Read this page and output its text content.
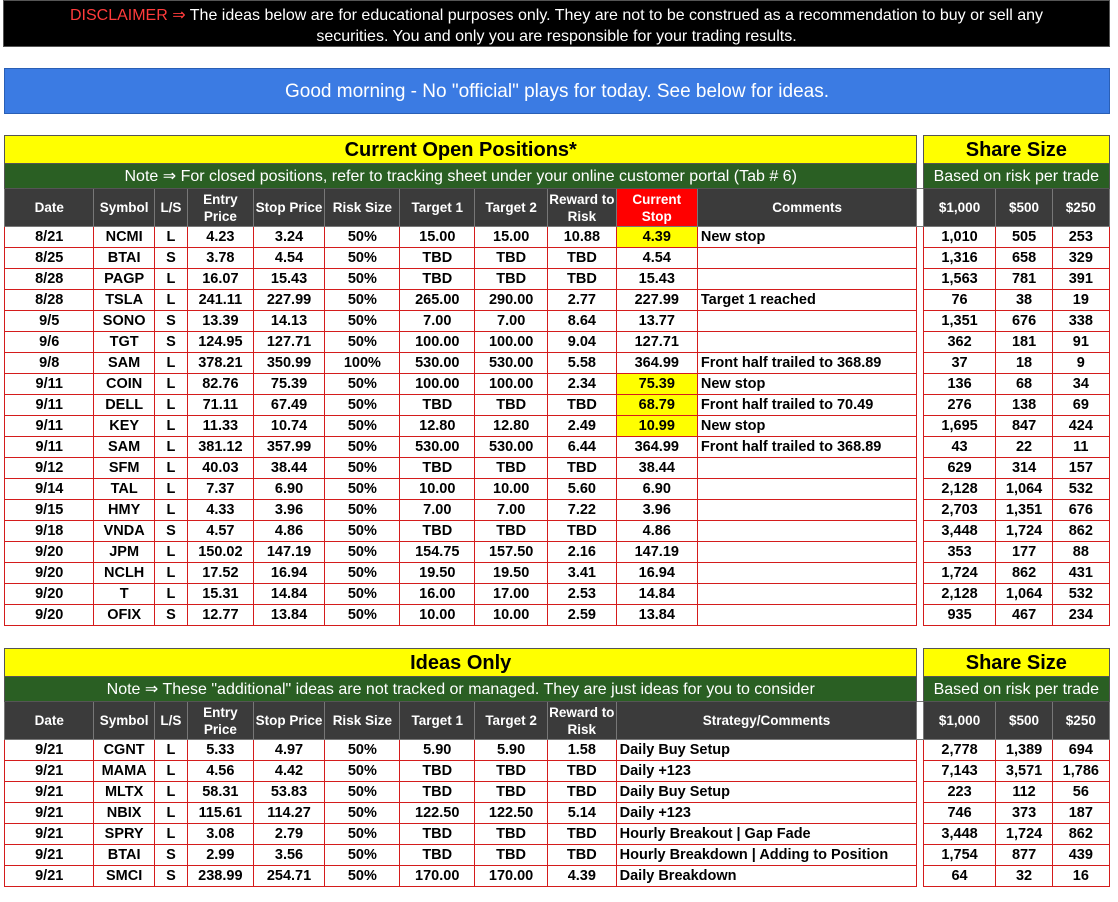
DISCLAIMER ⇒ The ideas below are for educational purposes only. They are not to be construed as a recommendation to buy or sell any
securities. You and only you are responsible for your trading results.
Good morning - No "official" plays for today. See below for ideas.
Current Open Positions*												Share Size		
Note ⇒ For closed positions, refer to tracking sheet under your online customer portal (Tab # 6)												Based on risk per trade		
Date	Symbol	L/S	Entry Price	Stop Price	Risk Size	Target 1	Target 2	Reward to Risk	Current Stop	Comments		$1,000	$500	$250
8/21	NCMI	L	4.23	3.24	50%	15.00	15.00	10.88	4.39	New stop		1,010	505	253
8/25	BTAI	S	3.78	4.54	50%	TBD	TBD	TBD	4.54			1,316	658	329
8/28	PAGP	L	16.07	15.43	50%	TBD	TBD	TBD	15.43			1,563	781	391
8/28	TSLA	L	241.11	227.99	50%	265.00	290.00	2.77	227.99	Target 1 reached		76	38	19
9/5	SONO	S	13.39	14.13	50%	7.00	7.00	8.64	13.77			1,351	676	338
9/6	TGT	S	124.95	127.71	50%	100.00	100.00	9.04	127.71			362	181	91
9/8	SAM	L	378.21	350.99	100%	530.00	530.00	5.58	364.99	Front half trailed to 368.89		37	18	9
9/11	COIN	L	82.76	75.39	50%	100.00	100.00	2.34	75.39	New stop		136	68	34
9/11	DELL	L	71.11	67.49	50%	TBD	TBD	TBD	68.79	Front half trailed to 70.49		276	138	69
9/11	KEY	L	11.33	10.74	50%	12.80	12.80	2.49	10.99	New stop		1,695	847	424
9/11	SAM	L	381.12	357.99	50%	530.00	530.00	6.44	364.99	Front half trailed to 368.89		43	22	11
9/12	SFM	L	40.03	38.44	50%	TBD	TBD	TBD	38.44			629	314	157
9/14	TAL	L	7.37	6.90	50%	10.00	10.00	5.60	6.90			2,128	1,064	532
9/15	HMY	L	4.33	3.96	50%	7.00	7.00	7.22	3.96			2,703	1,351	676
9/18	VNDA	S	4.57	4.86	50%	TBD	TBD	TBD	4.86			3,448	1,724	862
9/20	JPM	L	150.02	147.19	50%	154.75	157.50	2.16	147.19			353	177	88
9/20	NCLH	L	17.52	16.94	50%	19.50	19.50	3.41	16.94			1,724	862	431
9/20	T	L	15.31	14.84	50%	16.00	17.00	2.53	14.84			2,128	1,064	532
9/20	OFIX	S	12.77	13.84	50%	10.00	10.00	2.59	13.84			935	467	234
Ideas Only											Share Size		
Note ⇒ These "additional" ideas are not tracked or managed. They are just ideas for you to consider											Based on risk per trade		
Date	Symbol	L/S	Entry Price	Stop Price	Risk Size	Target 1	Target 2	Reward to Risk	Strategy/Comments		$1,000	$500	$250
9/21	CGNT	L	5.33	4.97	50%	5.90	5.90	1.58	Daily Buy Setup		2,778	1,389	694
9/21	MAMA	L	4.56	4.42	50%	TBD	TBD	TBD	Daily +123		7,143	3,571	1,786
9/21	MLTX	L	58.31	53.83	50%	TBD	TBD	TBD	Daily Buy Setup		223	112	56
9/21	NBIX	L	115.61	114.27	50%	122.50	122.50	5.14	Daily +123		746	373	187
9/21	SPRY	L	3.08	2.79	50%	TBD	TBD	TBD	Hourly Breakout | Gap Fade		3,448	1,724	862
9/21	BTAI	S	2.99	3.56	50%	TBD	TBD	TBD	Hourly Breakdown | Adding to Position		1,754	877	439
9/21	SMCI	S	238.99	254.71	50%	170.00	170.00	4.39	Daily Breakdown		64	32	16
